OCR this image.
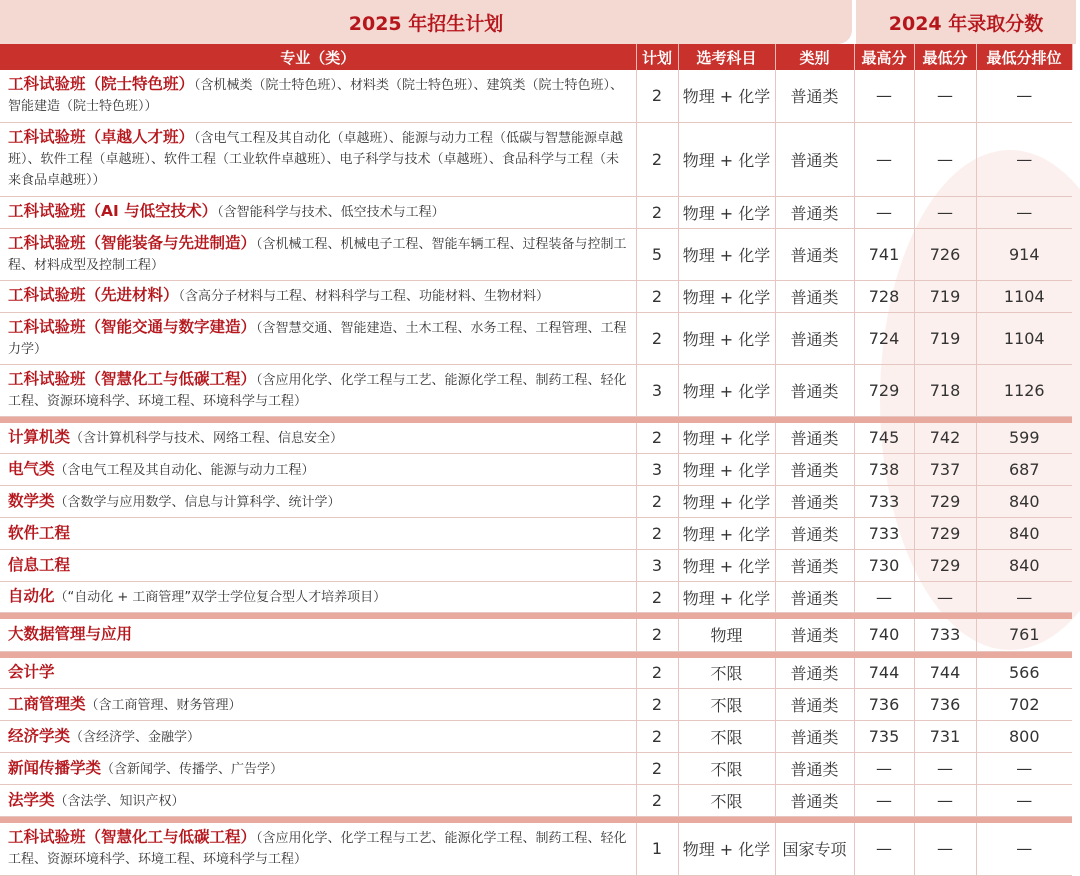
2025 年招生计划	2024 年录取分数
专业（类）	计划	选考科目	类别	最高分	最低分	最低分排位
工科试验班（院士特色班）（含机械类（院士特色班）、材料类（院士特色班）、建筑类（院士特色班）、智能建造（院士特色班））	2	物理 + 化学	普通类	—	—	—
工科试验班（卓越人才班）（含电气工程及其自动化（卓越班）、能源与动力工程（低碳与智慧能源卓越班）、软件工程（卓越班）、软件工程（工业软件卓越班）、电子科学与技术（卓越班）、食品科学与工程（未来食品卓越班））	2	物理 + 化学	普通类	—	—	—
工科试验班（AI 与低空技术）（含智能科学与技术、低空技术与工程）	2	物理 + 化学	普通类	—	—	—
工科试验班（智能装备与先进制造）（含机械工程、机械电子工程、智能车辆工程、过程装备与控制工程、材料成型及控制工程）	5	物理 + 化学	普通类	741	726	914
工科试验班（先进材料）（含高分子材料与工程、材料科学与工程、功能材料、生物材料）	2	物理 + 化学	普通类	728	719	1104
工科试验班（智能交通与数字建造）（含智慧交通、智能建造、土木工程、水务工程、工程管理、工程力学）	2	物理 + 化学	普通类	724	719	1104
工科试验班（智慧化工与低碳工程）（含应用化学、化学工程与工艺、能源化学工程、制药工程、轻化工程、资源环境科学、环境工程、环境科学与工程）	3	物理 + 化学	普通类	729	718	1126

计算机类（含计算机科学与技术、网络工程、信息安全）	2	物理 + 化学	普通类	745	742	599
电气类（含电气工程及其自动化、能源与动力工程）	3	物理 + 化学	普通类	738	737	687
数学类（含数学与应用数学、信息与计算科学、统计学）	2	物理 + 化学	普通类	733	729	840
软件工程	2	物理 + 化学	普通类	733	729	840
信息工程	3	物理 + 化学	普通类	730	729	840
自动化（“自动化 + 工商管理”双学士学位复合型人才培养项目）	2	物理 + 化学	普通类	—	—	—

大数据管理与应用	2	物理	普通类	740	733	761

会计学	2	不限	普通类	744	744	566
工商管理类（含工商管理、财务管理）	2	不限	普通类	736	736	702
经济学类（含经济学、金融学）	2	不限	普通类	735	731	800
新闻传播学类（含新闻学、传播学、广告学）	2	不限	普通类	—	—	—
法学类（含法学、知识产权）	2	不限	普通类	—	—	—

工科试验班（智慧化工与低碳工程）（含应用化学、化学工程与工艺、能源化学工程、制药工程、轻化工程、资源环境科学、环境工程、环境科学与工程）	1	物理 + 化学	国家专项	—	—	—
